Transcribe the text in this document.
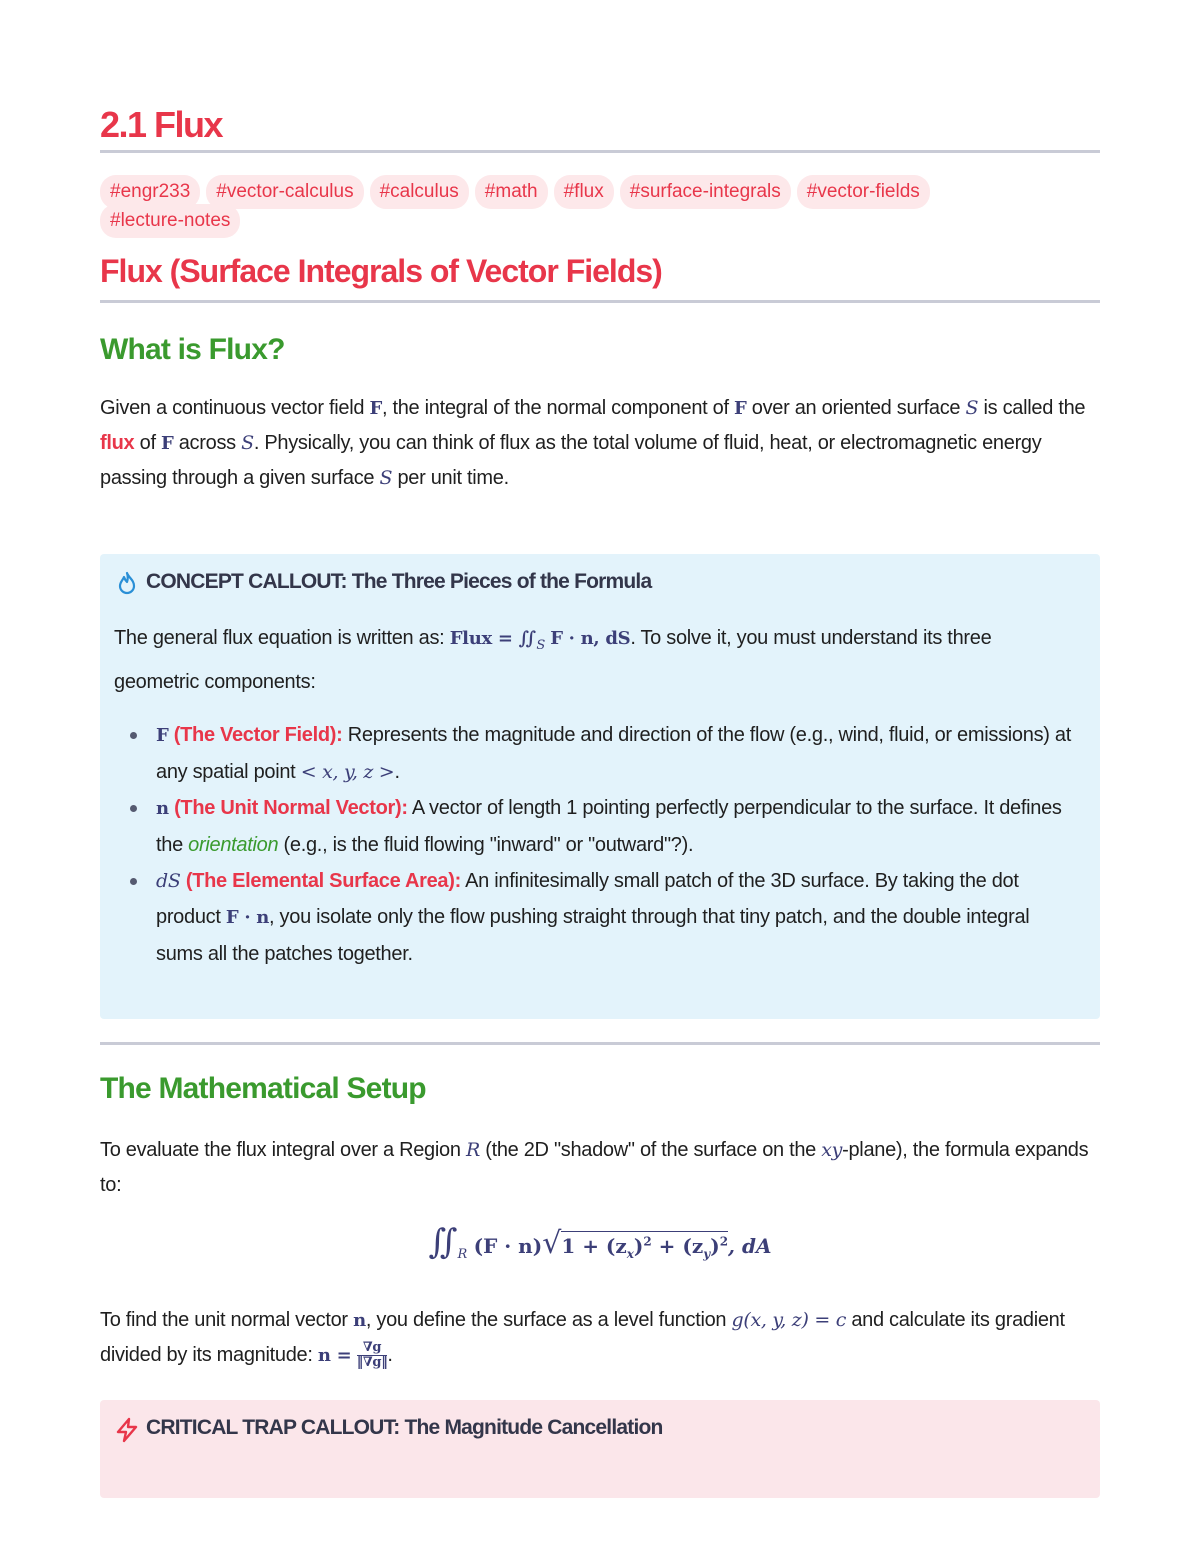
2.1 Flux
#engr233 #vector-calculus #calculus #math #flux #surface-integrals #vector-fields
#lecture-notes
Flux (Surface Integrals of Vector Fields)
What is Flux?

Given a continuous vector field F, the integral of the normal component of F over an oriented surface S is called the flux of F across S. Physically, you can think of flux as the total volume of fluid, heat, or electromagnetic energy passing through a given surface S per unit time.

CONCEPT CALLOUT: The Three Pieces of the Formula

The general flux equation is written as: Flux = $∬_S$ F · n, dS. To solve it, you must understand its three geometric components:

F (The Vector Field): Represents the magnitude and direction of the flow (e.g., wind, fluid, or emissions) at any spatial point < x, y, z >.
n (The Unit Normal Vector): A vector of length 1 pointing perfectly perpendicular to the surface. It defines the orientation (e.g., is the fluid flowing "inward" or "outward"?).
dS (The Elemental Surface Area): An infinitesimally small patch of the 3D surface. By taking the dot product F · n, you isolate only the flow pushing straight through that tiny patch, and the double integral sums all the patches together.
The Mathematical Setup

To evaluate the flux integral over a Region R (the 2D "shadow" of the surface on the xy-plane), the formula expands to:

$∬_R$ $(F \cdot n)√1 + (z_x)^2 + (z_y)^2$, dA

To find the unit normal vector n, you define the surface as a level function g(x, y, z) = c and calculate its gradient divided by its magnitude: $n = \frac{\nabla g}{‖\nabla g‖}$ .

CRITICAL TRAP CALLOUT: The Magnitude Cancellation
